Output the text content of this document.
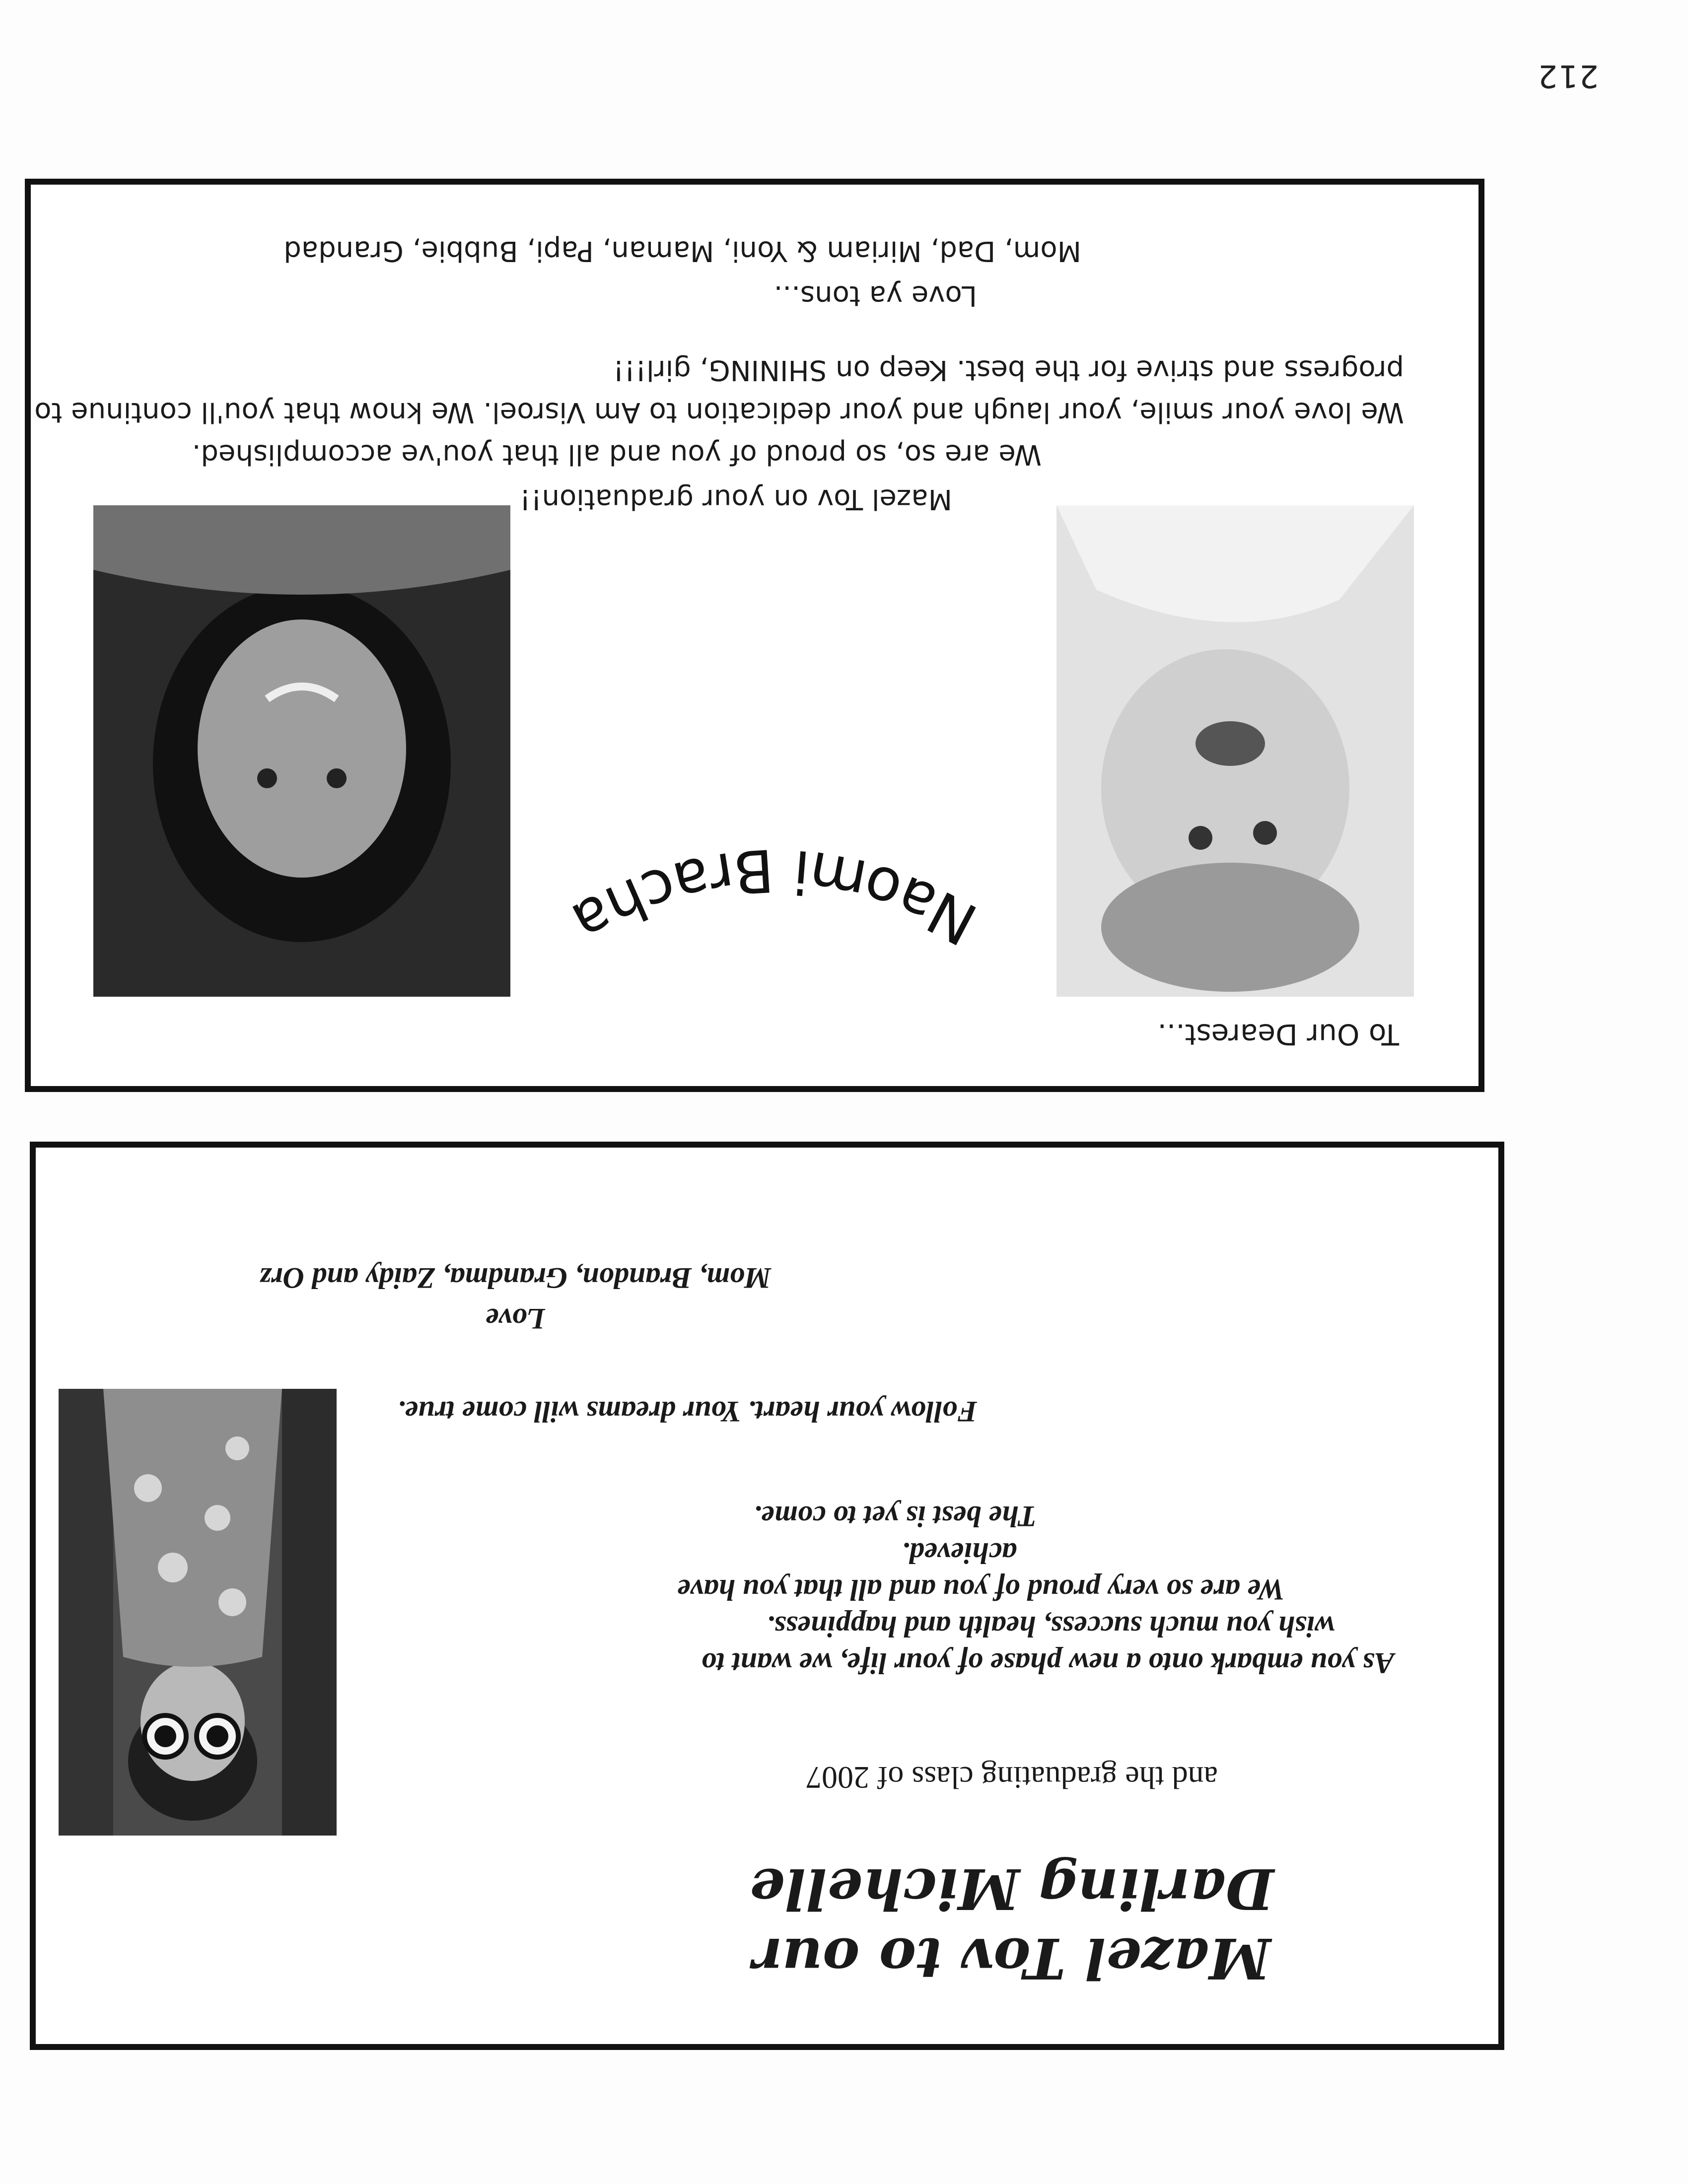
212
Mazel Tov to our
Darling Michelle
and the graduating class of 2007
As you embark onto a new phase of your life, we want to
wish you much success, health and happiness.
We are so very proud of you and all that you have
achieved.
The best is yet to come.
Follow your heart. Your dreams will come true.
Love
Mom, Brandon, Grandma, Zaidy and Orz
To Our Dearest...
Naomi Bracha
Mazel Tov on your graduation!!
We are so, so proud of you and all that you've accomplished.
We love your smile, your laugh and your dedication to Am Visroel. We know that you'll continue to
progress and strive for the best. Keep on SHINING, girl!!!
Love ya tons...
Mom, Dad, Miriam & Yoni, Maman, Papi, Bubbie, Grandad
